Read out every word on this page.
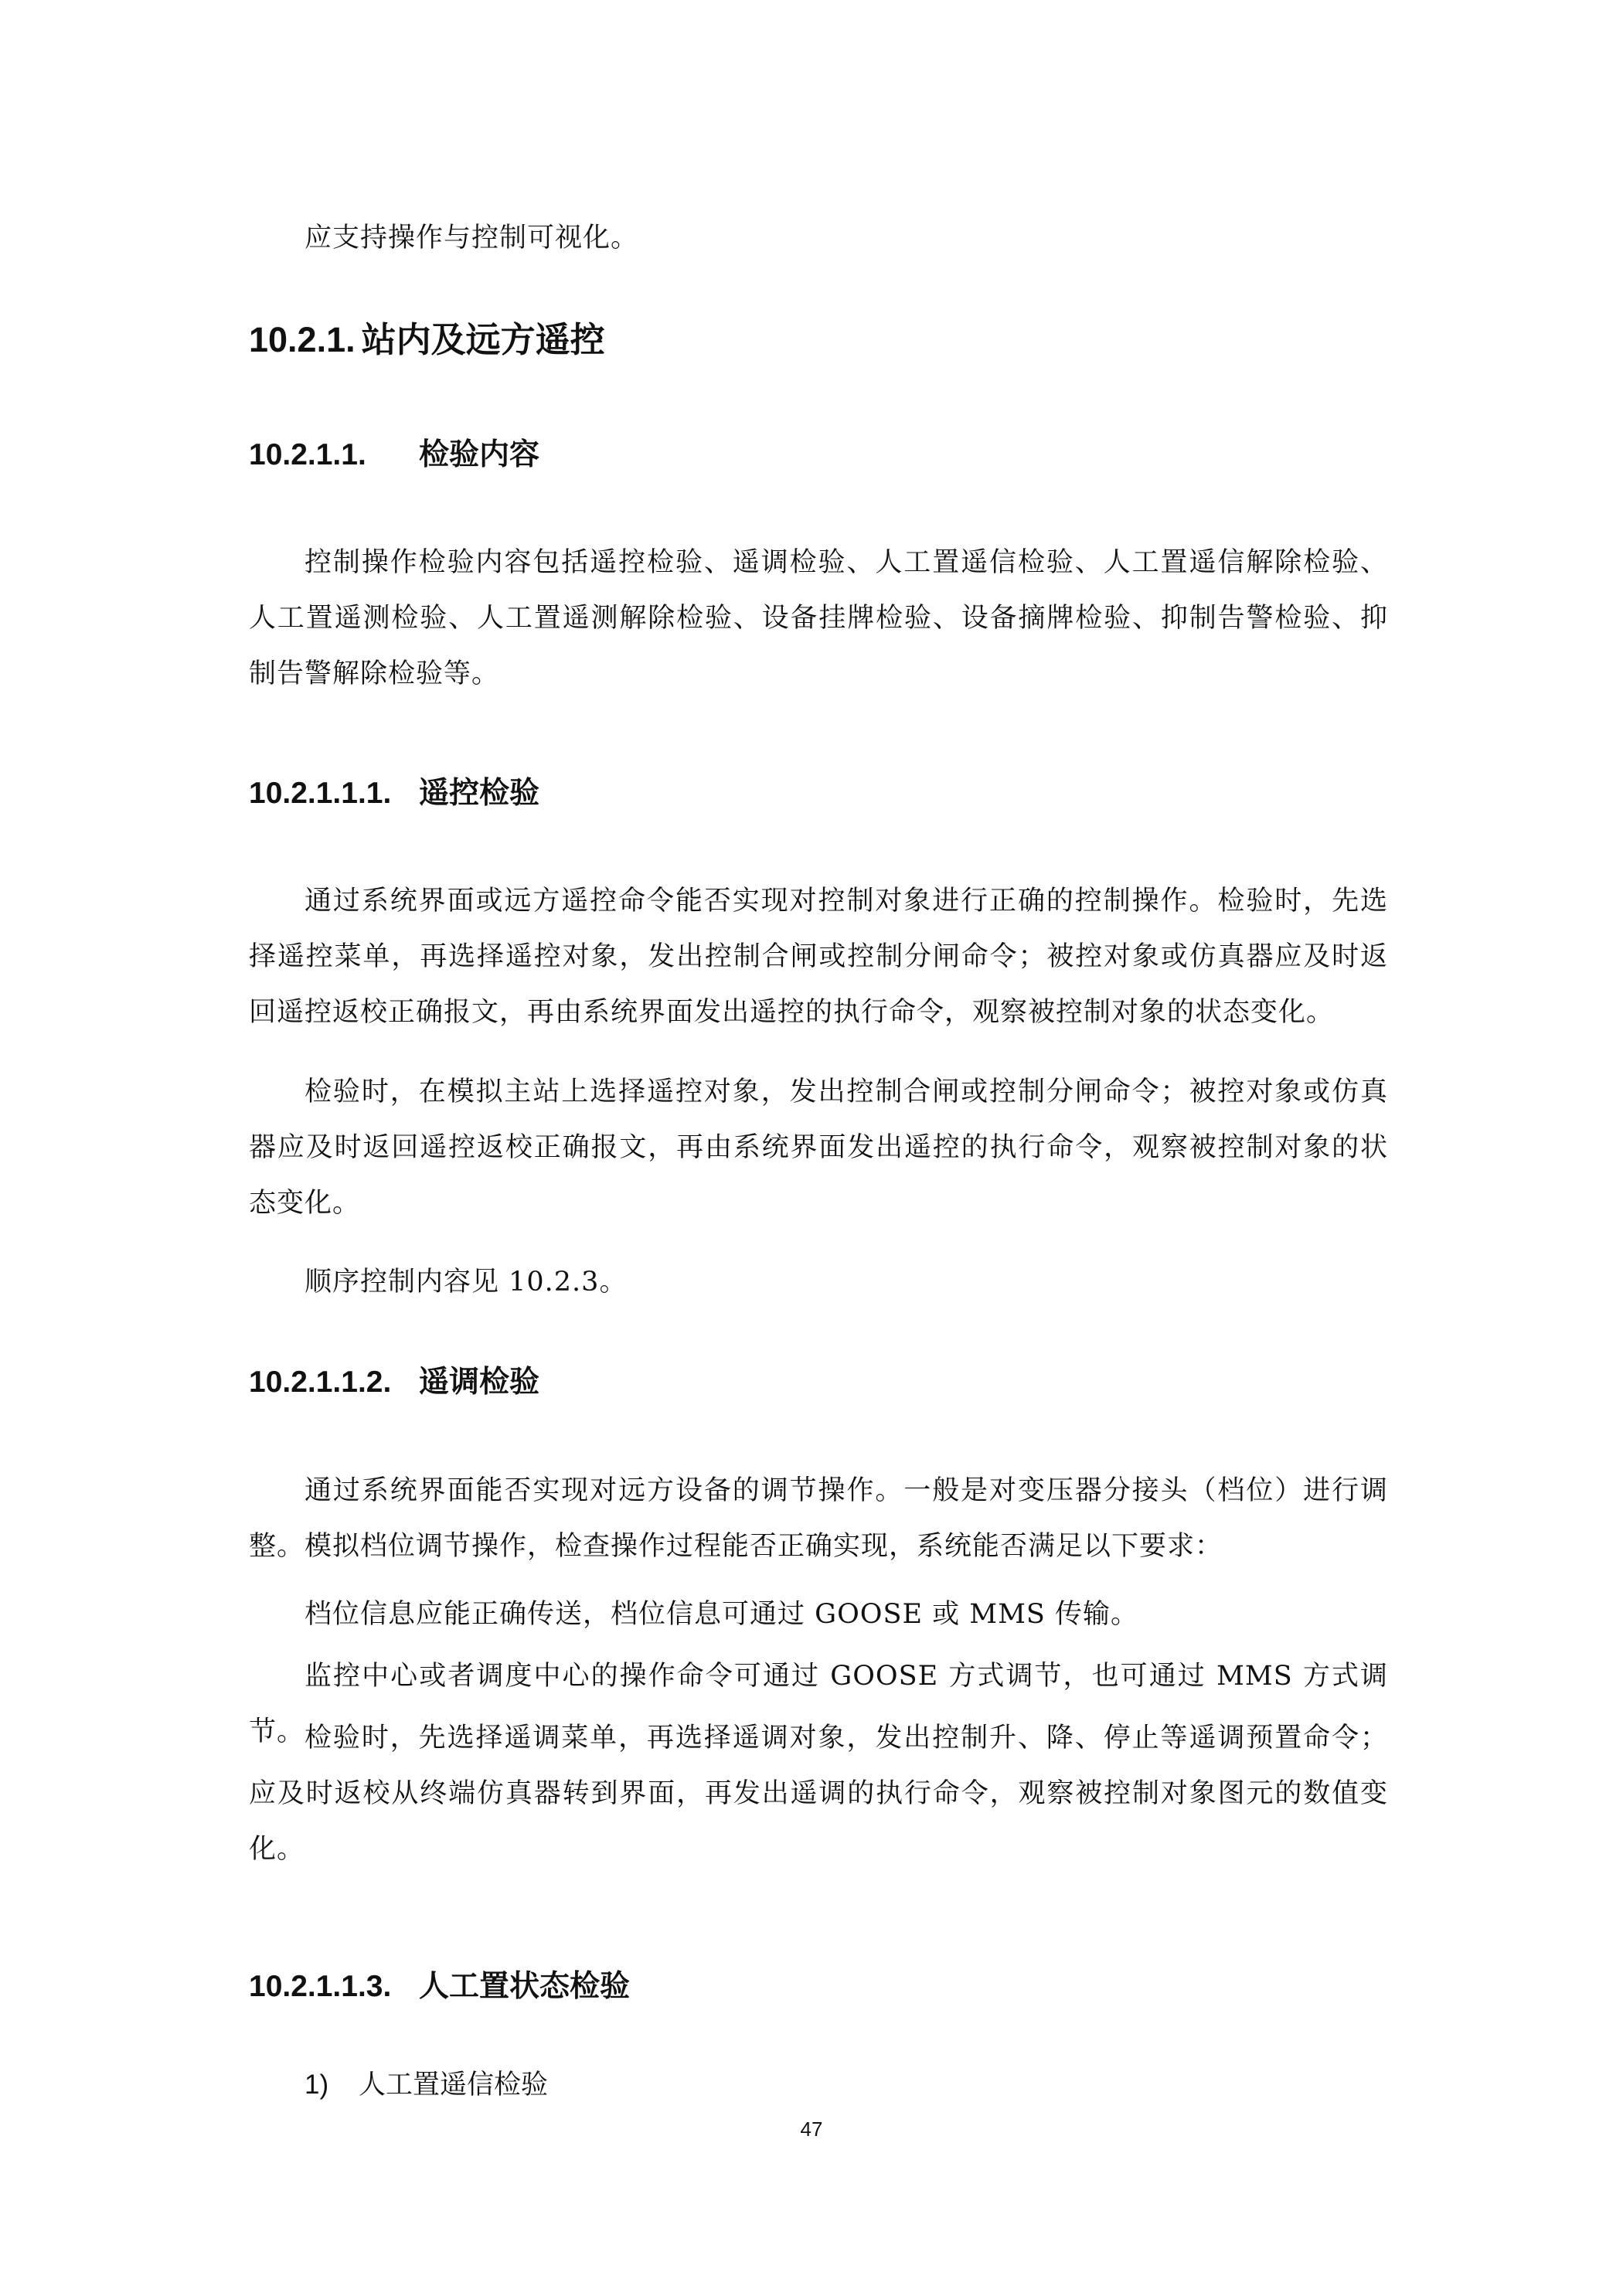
应支持操作与控制可视化。

10.2.1. 站内及远方遥控
10.2.1.1. 检验内容

控制操作检验内容包括遥控检验、遥调检验、人工置遥信检验、人工置遥信解除检验、人工置遥测检验、人工置遥测解除检验、设备挂牌检验、设备摘牌检验、抑制告警检验、抑制告警解除检验等。

10.2.1.1.1. 遥控检验

通过系统界面或远方遥控命令能否实现对控制对象进行正确的控制操作。检验时，先选择遥控菜单，再选择遥控对象，发出控制合闸或控制分闸命令；被控对象或仿真器应及时返回遥控返校正确报文，再由系统界面发出遥控的执行命令，观察被控制对象的状态变化。

检验时，在模拟主站上选择遥控对象，发出控制合闸或控制分闸命令；被控对象或仿真器应及时返回遥控返校正确报文，再由系统界面发出遥控的执行命令，观察被控制对象的状态变化。

顺序控制内容见 10.2.3。

10.2.1.1.2. 遥调检验

通过系统界面能否实现对远方设备的调节操作。一般是对变压器分接头（档位）进行调整。模拟档位调节操作，检查操作过程能否正确实现，系统能否满足以下要求：

档位信息应能正确传送，档位信息可通过 GOOSE 或 MMS 传输。

监控中心或者调度中心的操作命令可通过 GOOSE 方式调节，也可通过 MMS 方式调节。 检验时，先选择遥调菜单，再选择遥调对象，发出控制升、降、停止等遥调预置命令；应及时返校从终端仿真器转到界面，再发出遥调的执行命令，观察被控制对象图元的数值变化。

10.2.1.1.3. 人工置状态检验
1) 人工置遥信检验
47
